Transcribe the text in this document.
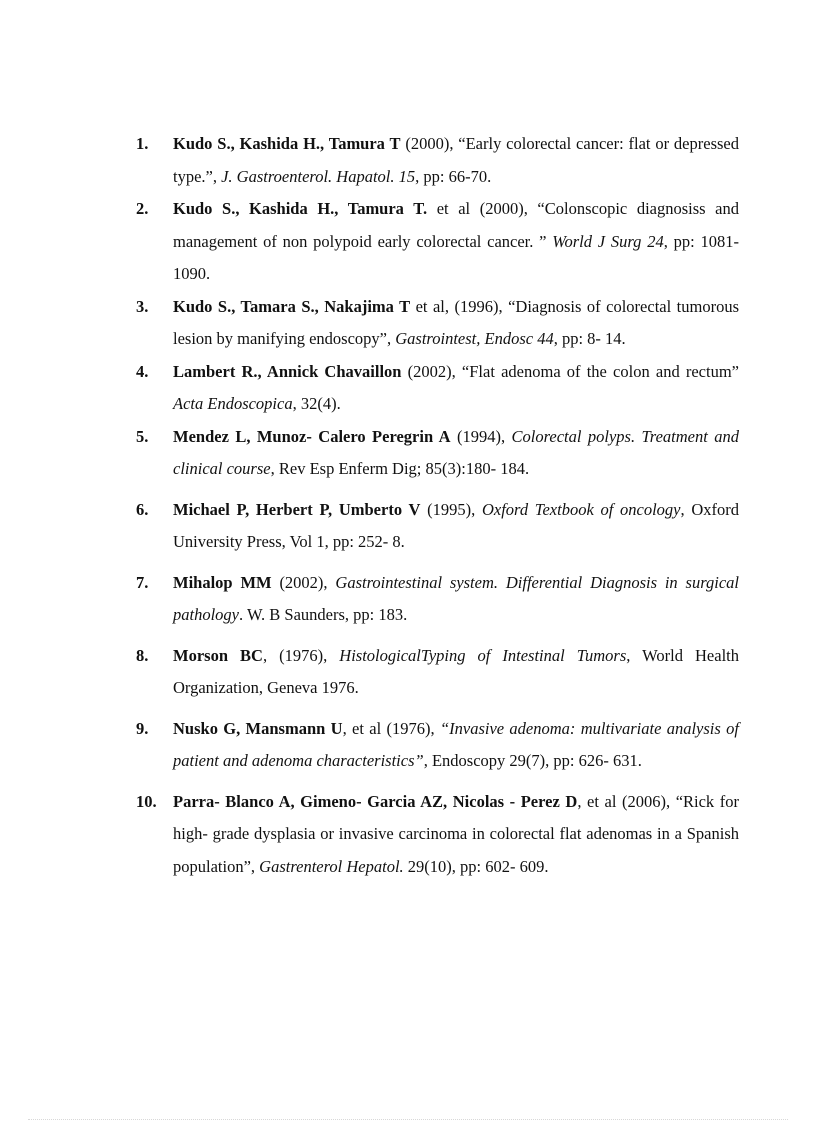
1. Kudo S., Kashida H., Tamura T (2000), “Early colorectal cancer: flat or depressed type.”, J. Gastroenterol. Hapatol. 15, pp: 66-70.
2. Kudo S., Kashida H., Tamura T. et al (2000), “Colonscopic diagnosiss and management of non polypoid early colorectal cancer. ” World J Surg 24, pp: 1081- 1090.
3. Kudo S., Tamara S., Nakajima T et al, (1996), “Diagnosis of colorectal tumorous lesion by manifying endoscopy”, Gastrointest, Endosc 44, pp: 8- 14.
4. Lambert R., Annick Chavaillon (2002), “Flat adenoma of the colon and rectum” Acta Endoscopica, 32(4).
5. Mendez L, Munoz- Calero Peregrin A (1994), Colorectal polyps. Treatment and clinical course, Rev Esp Enferm Dig; 85(3):180- 184.
6. Michael P, Herbert P, Umberto V (1995), Oxford Textbook of oncology, Oxford University Press, Vol 1, pp: 252- 8.
7. Mihalop MM (2002), Gastrointestinal system. Differential Diagnosis in surgical pathology. W. B Saunders, pp: 183.
8. Morson BC, (1976), HistologicalTyping of Intestinal Tumors, World Health Organization, Geneva 1976.
9. Nusko G, Mansmann U, et al (1976), “Invasive adenoma: multivariate analysis of patient and adenoma characteristics”, Endoscopy 29(7), pp: 626- 631.
10. Parra- Blanco A, Gimeno- Garcia AZ, Nicolas - Perez D, et al (2006), “Rick for high- grade dysplasia or invasive carcinoma in colorectal flat adenomas in a Spanish population”, Gastrenterol Hepatol. 29(10), pp: 602- 609.
